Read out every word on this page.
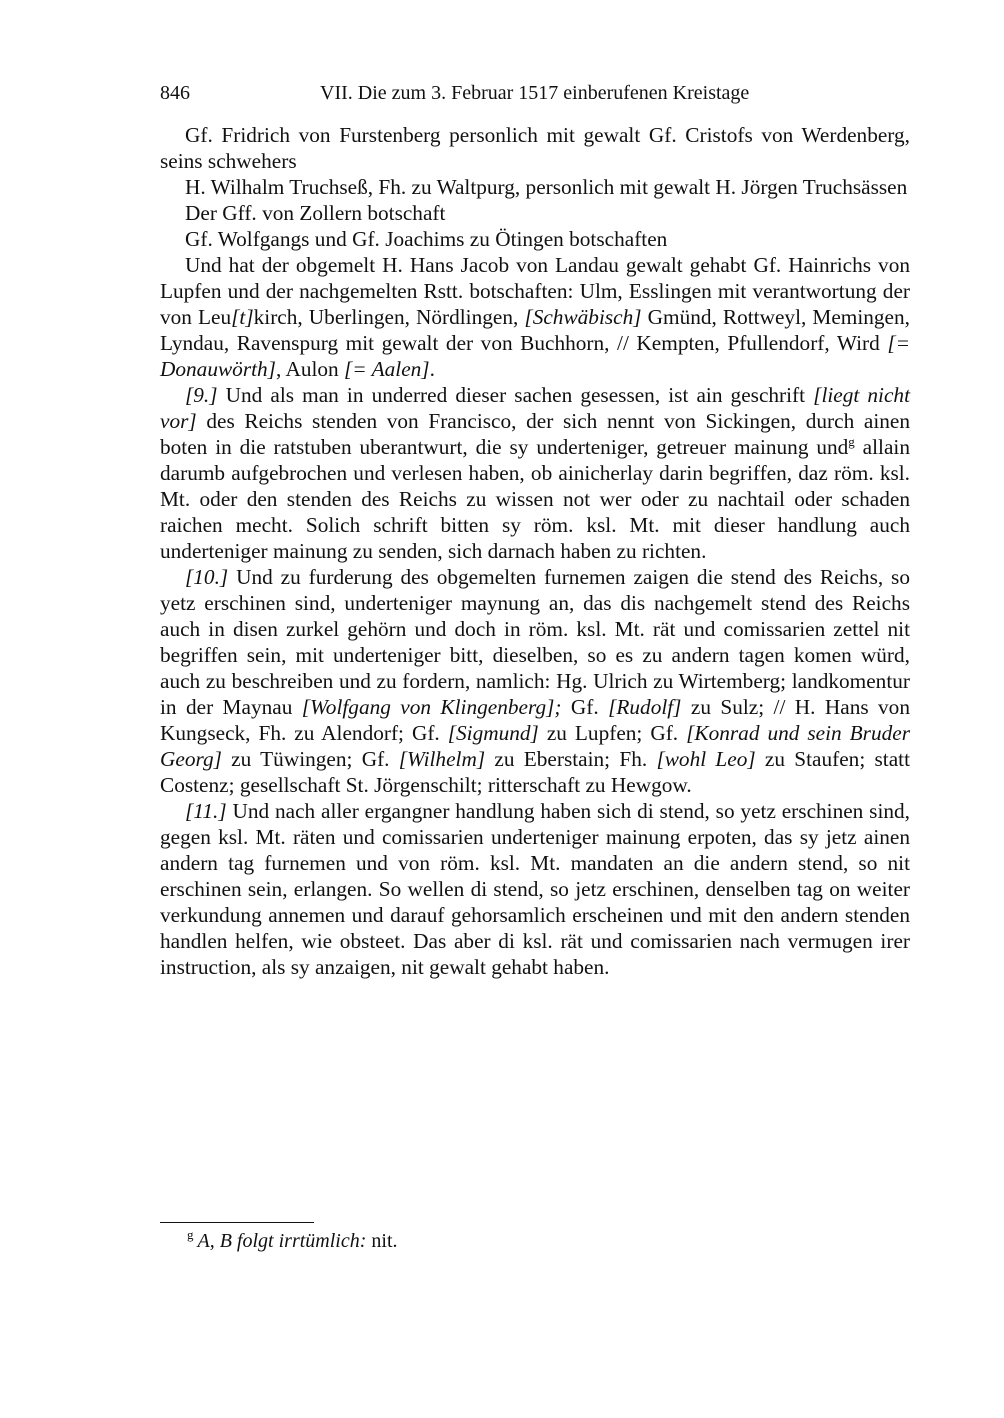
846	VII. Die zum 3. Februar 1517 einberufenen Kreistage

Gf. Fridrich von Furstenberg personlich mit gewalt Gf. Cristofs von Werdenberg, seins schwehers

H. Wilhalm Truchseß, Fh. zu Waltpurg, personlich mit gewalt H. Jörgen Truchsässen

Der Gff. von Zollern botschaft

Gf. Wolfgangs und Gf. Joachims zu Ötingen botschaften

Und hat der obgemelt H. Hans Jacob von Landau gewalt gehabt Gf. Hainrichs von Lupfen und der nachgemelten Rstt. botschaften: Ulm, Esslingen mit verantwortung der von Leu[t]kirch, Uberlingen, Nördlingen, [Schwäbisch] Gmünd, Rottweyl, Memingen, Lyndau, Ravenspurg mit gewalt der von Buchhorn, // Kempten, Pfullendorf, Wird [= Donauwörth], Aulon [= Aalen].

[9.] Und als man in underred dieser sachen gesessen, ist ain geschrift [liegt nicht vor] des Reichs stenden von Francisco, der sich nennt von Sickingen, durch ainen boten in die ratstuben uberantwurt, die sy underteniger, getreuer mainung und$^g$ allain darumb aufgebrochen und verlesen haben, ob ainicherlay darin begriffen, daz röm. ksl. Mt. oder den stenden des Reichs zu wissen not wer oder zu nachtail oder schaden raichen mecht. Solich schrift bitten sy röm. ksl. Mt. mit dieser handlung auch underteniger mainung zu senden, sich darnach haben zu richten.

[10.] Und zu furderung des obgemelten furnemen zaigen die stend des Reichs, so yetz erschinen sind, underteniger maynung an, das dis nachgemelt stend des Reichs auch in disen zurkel gehörn und doch in röm. ksl. Mt. rät und comissarien zettel nit begriffen sein, mit underteniger bitt, dieselben, so es zu andern tagen komen würd, auch zu beschreiben und zu fordern, namlich: Hg. Ulrich zu Wirtemberg; landkomentur in der Maynau [Wolfgang von Klingenberg]; Gf. [Rudolf] zu Sulz; // H. Hans von Kungseck, Fh. zu Alendorf; Gf. [Sigmund] zu Lupfen; Gf. [Konrad und sein Bruder Georg] zu Tüwingen; Gf. [Wilhelm] zu Eberstain; Fh. [wohl Leo] zu Staufen; statt Costenz; gesellschaft St. Jörgenschilt; ritterschaft zu Hewgow.

[11.] Und nach aller ergangner handlung haben sich di stend, so yetz erschinen sind, gegen ksl. Mt. räten und comissarien underteniger mainung erpoten, das sy jetz ainen andern tag furnemen und von röm. ksl. Mt. mandaten an die andern stend, so nit erschinen sein, erlangen. So wellen di stend, so jetz erschinen, denselben tag on weiter verkundung annemen und darauf gehorsamlich erscheinen und mit den andern stenden handlen helfen, wie obsteet. Das aber di ksl. rät und comissarien nach vermugen irer instruction, als sy anzaigen, nit gewalt gehabt haben.

$^g$ A, B folgt irrtümlich: nit.
